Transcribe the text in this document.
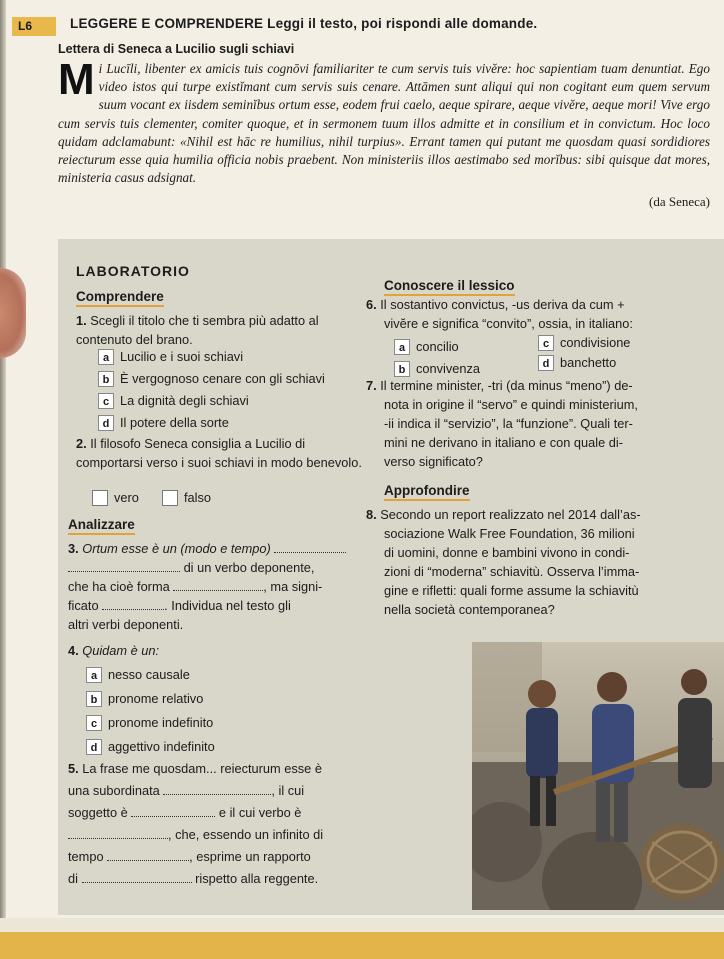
L6	LEGGERE E COMPRENDERE Leggi il testo, poi rispondi alle domande.
Lettera di Seneca a Lucilio sugli schiavi
Mi Lucīli, libenter ex amicis tuis cognōvi familiariter te cum servis tuis vivĕre: hoc sapientiam tuam denuntiat. Ego video istos qui turpe existĭmant cum servis suis cenare. Attāmen sunt aliqui qui non cogitant eum quem servum suum vocant ex iisdem seminĭbus ortum esse, eodem frui caelo, aeque spirare, aeque vivĕre, aeque mori! Vive ergo cum servis tuis clementer, comiter quoque, et in sermonem tuum illos admitte et in consilium et in convictum. Hoc loco quidam adclamabunt: «Nihil est hāc re humilius, nihil turpius». Errant tamen qui putant me quosdam quasi sordidiores reiecturum esse quia humilia officia nobis praebent. Non ministeriis illos aestimabo sed morĭbus: sibi quisque dat mores, ministeria casus adsignat.
(da Seneca)
LABORATORIO
Comprendere
1. Scegli il titolo che ti sembra più adatto al contenuto del brano.
a Lucilio e i suoi schiavi
b È vergognoso cenare con gli schiavi
c La dignità degli schiavi
d Il potere della sorte
2. Il filosofo Seneca consiglia a Lucilio di comportarsi verso i suoi schiavi in modo benevolo.
vero	falso
Analizzare
3. Ortum esse è un (modo e tempo)
di un verbo deponente,
che ha cioè forma	, ma signi-
ficato	. Individua nel testo gli
altri verbi deponenti.
4. Quidam è un:
a nesso causale
b pronome relativo
c pronome indefinito
d aggettivo indefinito
5. La frase me quosdam... reiecturum esse è
una subordinata	, il cui
soggetto è	e il cui verbo è
, che, essendo un infinito di
tempo	, esprime un rapporto
di	rispetto alla reggente.
Conoscere il lessico
6. Il sostantivo convictus, -us deriva da cum +
vivĕre e significa “convito”, ossia, in italiano:
a concilio
b convivenza
c condivisione
d banchetto
7. Il termine minister, -tri (da minus “meno”) de-
nota in origine il “servo” e quindi ministerium,
-ii indica il “servizio”, la “funzione”. Quali ter-
mini ne derivano in italiano e con quale di-
verso significato?
Approfondire
8. Secondo un report realizzato nel 2014 dall’as-
sociazione Walk Free Foundation, 36 milioni
di uomini, donne e bambini vivono in condi-
zioni di “moderna” schiavitù. Osserva l’imma-
gine e rifletti: quali forme assume la schiavitù
nella società contemporanea?
